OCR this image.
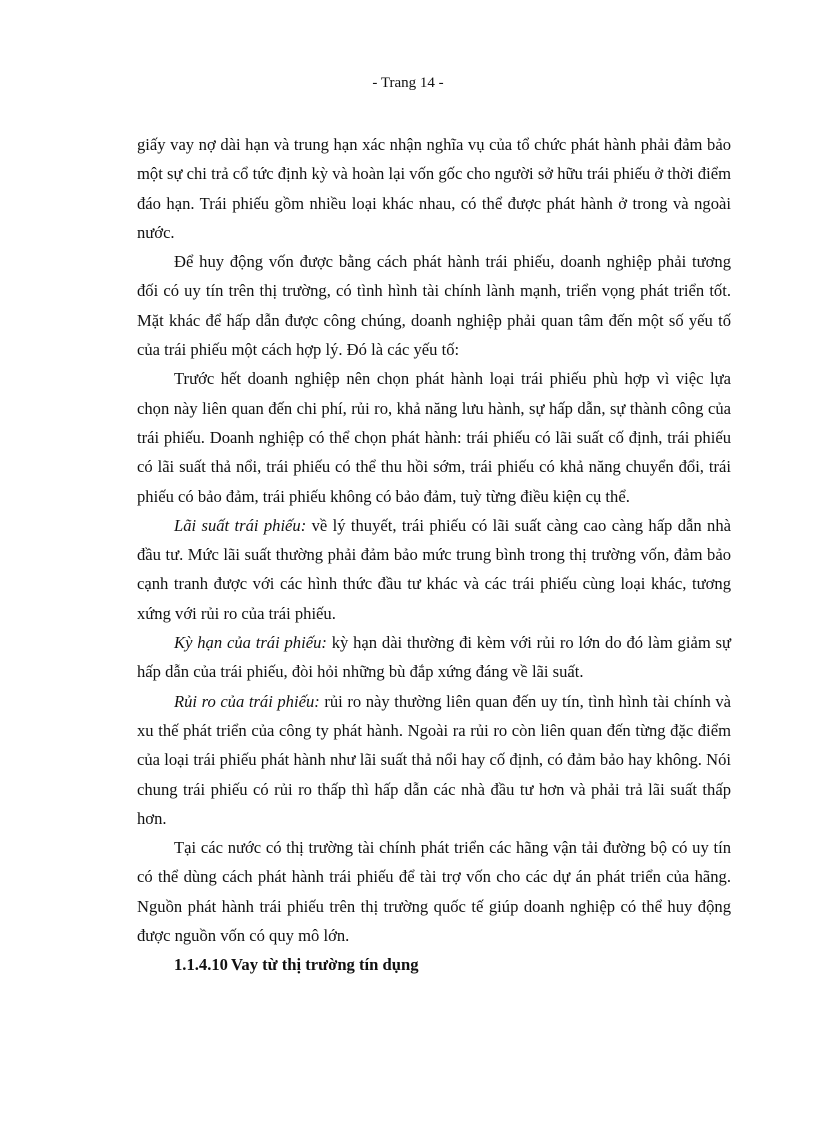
- Trang 14 -

giấy vay nợ dài hạn và trung hạn xác nhận nghĩa vụ của tổ chức phát hành phải đảm bảo một sự chi trả cổ tức định kỳ và hoàn lại vốn gốc cho người sở hữu trái phiếu ở thời điểm đáo hạn. Trái phiếu gồm nhiều loại khác nhau, có thể được phát hành ở trong và ngoài nước.

Để huy động vốn được bằng cách phát hành trái phiếu, doanh nghiệp phải tương đối có uy tín trên thị trường, có tình hình tài chính lành mạnh, triển vọng phát triển tốt. Mặt khác để hấp dẫn được công chúng, doanh nghiệp phải quan tâm đến một số yếu tố của trái phiếu một cách hợp lý. Đó là các yếu tố:

Trước hết doanh nghiệp nên chọn phát hành loại trái phiếu phù hợp vì việc lựa chọn này liên quan đến chi phí, rủi ro, khả năng lưu hành, sự hấp dẫn, sự thành công của trái phiếu. Doanh nghiệp có thể chọn phát hành: trái phiếu có lãi suất cố định, trái phiếu có lãi suất thả nổi, trái phiếu có thể thu hồi sớm, trái phiếu có khả năng chuyển đổi, trái phiếu có bảo đảm, trái phiếu không có bảo đảm, tuỳ từng điều kiện cụ thể.

Lãi suất trái phiếu: về lý thuyết, trái phiếu có lãi suất càng cao càng hấp dẫn nhà đầu tư. Mức lãi suất thường phải đảm bảo mức trung bình trong thị trường vốn, đảm bảo cạnh tranh được với các hình thức đầu tư khác và các trái phiếu cùng loại khác, tương xứng với rủi ro của trái phiếu.

Kỳ hạn của trái phiếu: kỳ hạn dài thường đi kèm với rủi ro lớn do đó làm giảm sự hấp dẫn của trái phiếu, đòi hỏi những bù đắp xứng đáng về lãi suất.

Rủi ro của trái phiếu: rủi ro này thường liên quan đến uy tín, tình hình tài chính và xu thế phát triển của công ty phát hành. Ngoài ra rủi ro còn liên quan đến từng đặc điểm của loại trái phiếu phát hành như lãi suất thả nổi hay cố định, có đảm bảo hay không. Nói chung trái phiếu có rủi ro thấp thì hấp dẫn các nhà đầu tư hơn và phải trả lãi suất thấp hơn.

Tại các nước có thị trường tài chính phát triển các hãng vận tải đường bộ có uy tín có thể dùng cách phát hành trái phiếu để tài trợ vốn cho các dự án phát triển của hãng. Nguồn phát hành trái phiếu trên thị trường quốc tế giúp doanh nghiệp có thể huy động được nguồn vốn có quy mô lớn.

1.1.4.10 Vay từ thị trường tín dụng
